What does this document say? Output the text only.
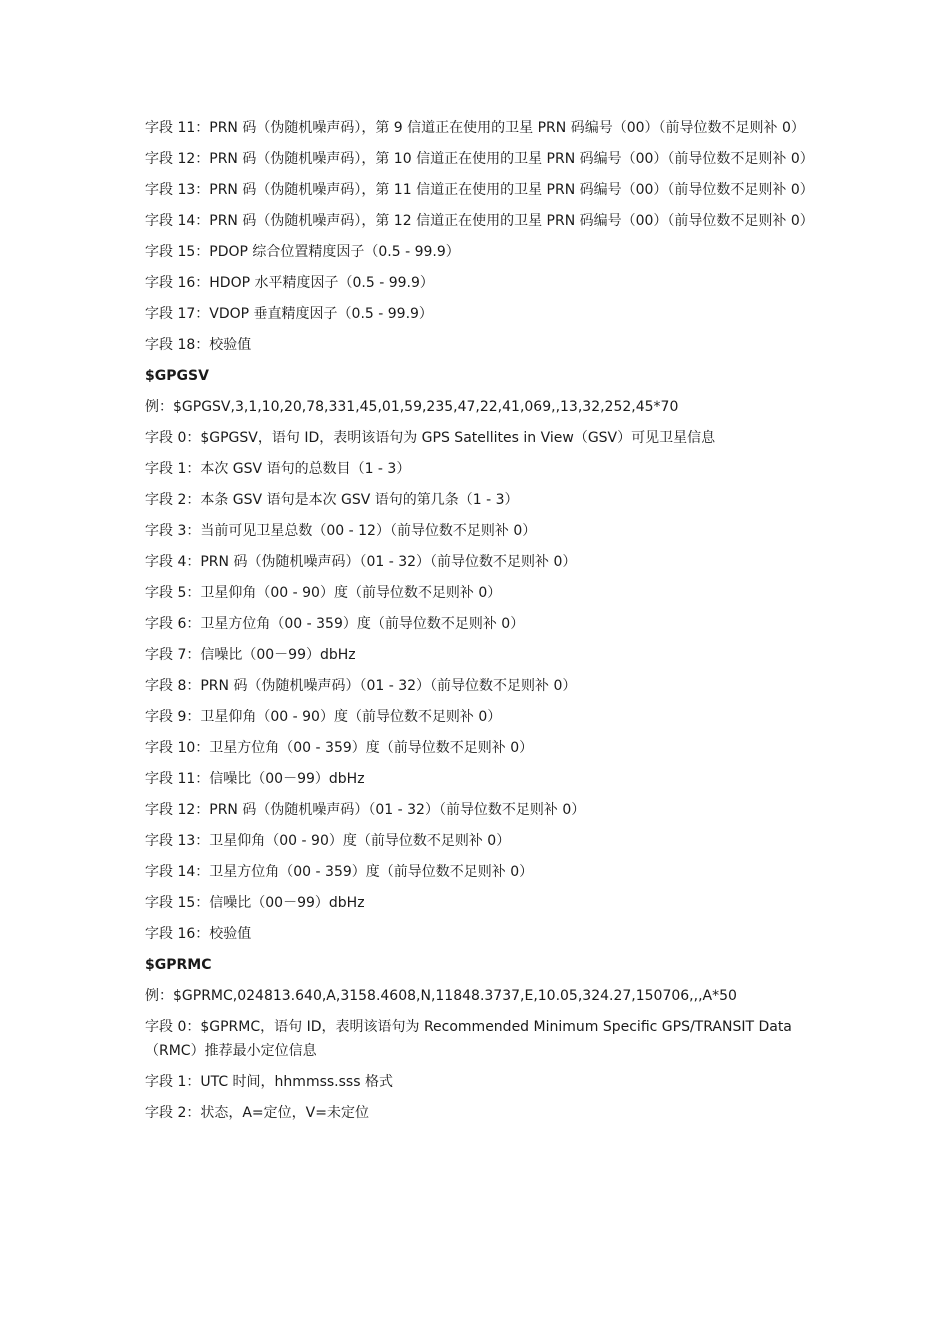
字段 11：PRN 码（伪随机噪声码），第 9 信道正在使用的卫星 PRN 码编号（00）（前导位数不足则补 0）

字段 12：PRN 码（伪随机噪声码），第 10 信道正在使用的卫星 PRN 码编号（00）（前导位数不足则补 0）

字段 13：PRN 码（伪随机噪声码），第 11 信道正在使用的卫星 PRN 码编号（00）（前导位数不足则补 0）

字段 14：PRN 码（伪随机噪声码），第 12 信道正在使用的卫星 PRN 码编号（00）（前导位数不足则补 0）

字段 15：PDOP 综合位置精度因子（0.5 - 99.9）

字段 16：HDOP 水平精度因子（0.5 - 99.9）

字段 17：VDOP 垂直精度因子（0.5 - 99.9）

字段 18：校验值

$GPGSV

例：$GPGSV,3,1,10,20,78,331,45,01,59,235,47,22,41,069,,13,32,252,45*70

字段 0：$GPGSV，语句 ID，表明该语句为 GPS Satellites in View（GSV）可见卫星信息

字段 1：本次 GSV 语句的总数目（1 - 3）

字段 2：本条 GSV 语句是本次 GSV 语句的第几条（1 - 3）

字段 3：当前可见卫星总数（00 - 12）（前导位数不足则补 0）

字段 4：PRN 码（伪随机噪声码）（01 - 32）（前导位数不足则补 0）

字段 5：卫星仰角（00 - 90）度（前导位数不足则补 0）

字段 6：卫星方位角（00 - 359）度（前导位数不足则补 0）

字段 7：信噪比（00－99）dbHz

字段 8：PRN 码（伪随机噪声码）（01 - 32）（前导位数不足则补 0）

字段 9：卫星仰角（00 - 90）度（前导位数不足则补 0）

字段 10：卫星方位角（00 - 359）度（前导位数不足则补 0）

字段 11：信噪比（00－99）dbHz

字段 12：PRN 码（伪随机噪声码）（01 - 32）（前导位数不足则补 0）

字段 13：卫星仰角（00 - 90）度（前导位数不足则补 0）

字段 14：卫星方位角（00 - 359）度（前导位数不足则补 0）

字段 15：信噪比（00－99）dbHz

字段 16：校验值

$GPRMC

例：$GPRMC,024813.640,A,3158.4608,N,11848.3737,E,10.05,324.27,150706,,,A*50

字段 0：$GPRMC，语句 ID，表明该语句为 Recommended Minimum Specific GPS/TRANSIT Data（RMC）推荐最小定位信息

字段 1：UTC 时间，hhmmss.sss 格式

字段 2：状态，A=定位，V=未定位
